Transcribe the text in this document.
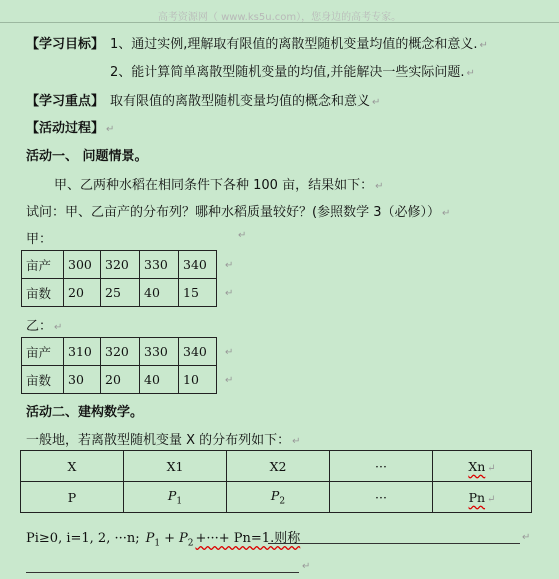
高考资源网（ www.ks5u.com），您身边的高考专家。
【学习目标】 1、通过实例,理解取有限值的离散型随机变量均值的概念和意义. ↵
2、能计算简单离散型随机变量的均值,并能解决一些实际问题. ↵
【学习重点】 取有限值的离散型随机变量均值的概念和意义 ↵
【活动过程】 ↵
活动一、 问题情景。
甲、乙两种水稻在相同条件下各种 100 亩，结果如下： ↵
试问：甲、乙亩产的分布列？哪种水稻质量较好？(参照数学 3（必修）） ↵
甲：	↵
亩产	300	320	330	340
亩数	20	25	40	15
↵
↵
乙： ↵
亩产	310	320	330	340
亩数	30	20	40	10
↵
↵
活动二、建构数学。
一般地，若离散型随机变量 X 的分布列如下： ↵
X	X1	X2	···	Xn ↵
P	$P_1$	$P_2$	···	Pn ↵
Pi≥0, i=1, 2, ···n; $P_1 + P_2$ +···+ Pn=1.则称	↵
↵
